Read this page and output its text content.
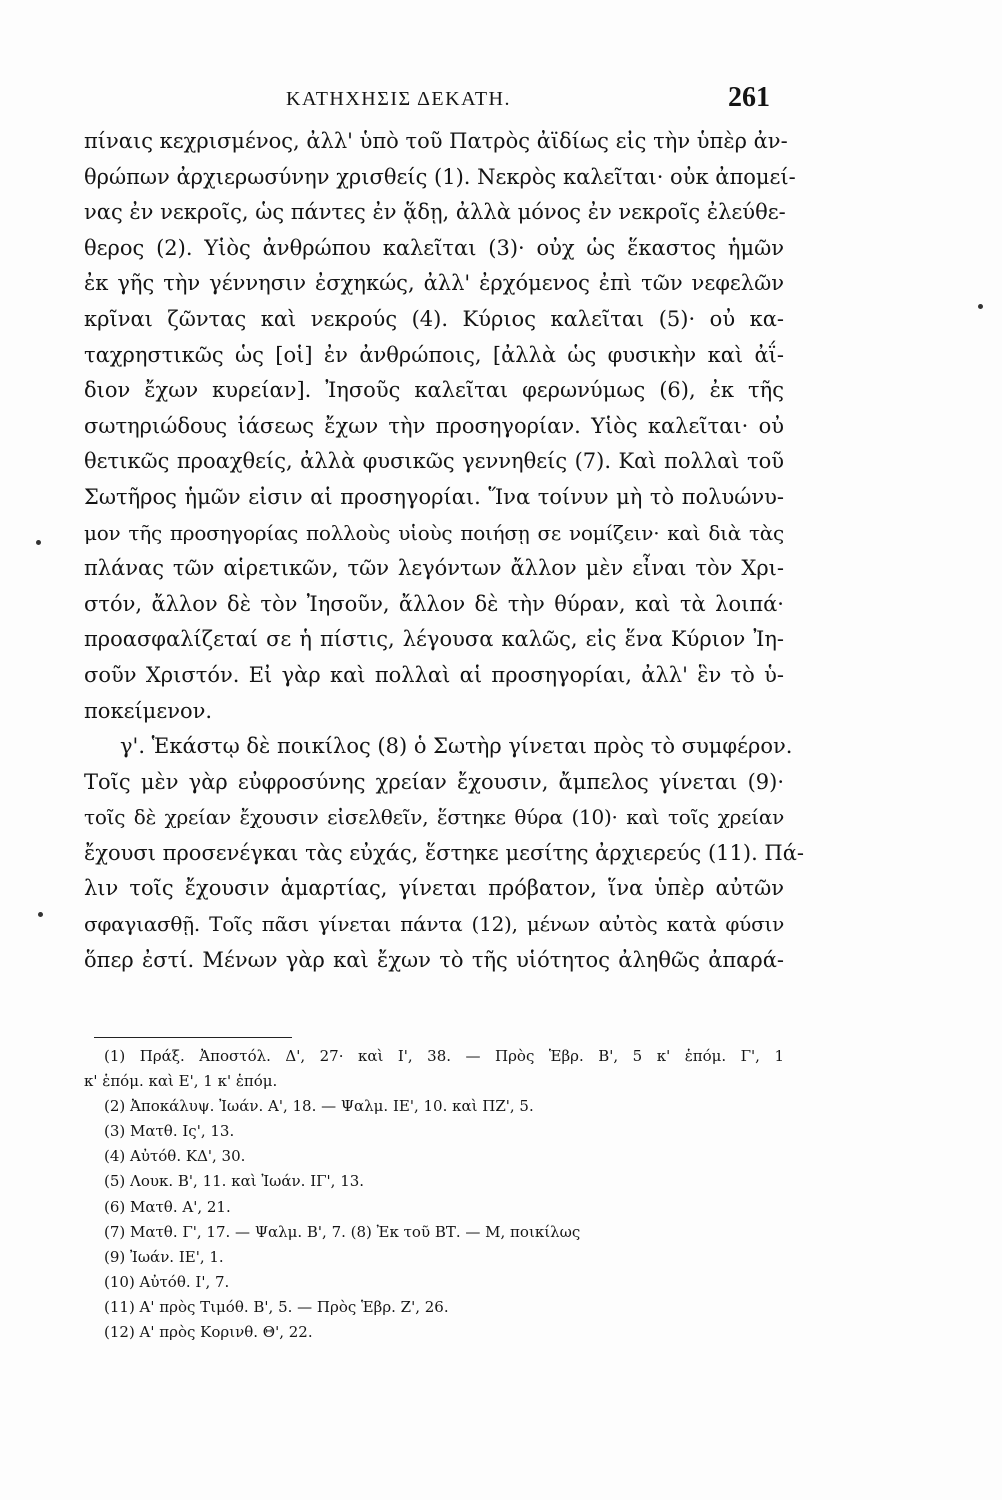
ΚΑΤΗΧΗΣΙΣ ΔΕΚΑΤΗ.	261
πίναις κεχρισμένος, ἀλλ' ὑπὸ τοῦ Πατρὸς ἀϊδίως εἰς τὴν ὑπὲρ ἀν-
θρώπων ἀρχιερωσύνην χρισθείς (1). Νεκρὸς καλεῖται· οὐκ ἀπομεί-
νας ἐν νεκροῖς, ὡς πάντες ἐν ᾅδῃ, ἀλλὰ μόνος ἐν νεκροῖς ἐλεύθε-
θερος (2). Υἱὸς ἀνθρώπου καλεῖται (3)· οὐχ ὡς ἕκαστος ἡμῶν
ἐκ γῆς τὴν γέννησιν ἐσχηκώς, ἀλλ' ἐρχόμενος ἐπὶ τῶν νεφελῶν
κρῖναι ζῶντας καὶ νεκρούς (4). Κύριος καλεῖται (5)· οὐ κα-
ταχρηστικῶς ὡς [οἱ] ἐν ἀνθρώποις, [ἀλλὰ ὡς φυσικὴν καὶ ἀΐ-
διον ἔχων κυρείαν]. Ἰησοῦς καλεῖται φερωνύμως (6), ἐκ τῆς
σωτηριώδους ἰάσεως ἔχων τὴν προσηγορίαν. Υἱὸς καλεῖται· οὐ
θετικῶς προαχθείς, ἀλλὰ φυσικῶς γεννηθείς (7). Καὶ πολλαὶ τοῦ
Σωτῆρος ἡμῶν εἰσιν αἱ προσηγορίαι. Ἵνα τοίνυν μὴ τὸ πολυώνυ-
μον τῆς προσηγορίας πολλοὺς υἱοὺς ποιήσῃ σε νομίζειν· καὶ διὰ τὰς
πλάνας τῶν αἱρετικῶν, τῶν λεγόντων ἄλλον μὲν εἶναι τὸν Χρι-
στόν, ἄλλον δὲ τὸν Ἰησοῦν, ἄλλον δὲ τὴν θύραν, καὶ τὰ λοιπά·
προασφαλίζεταί σε ἡ πίστις, λέγουσα καλῶς, εἰς ἕνα Κύριον Ἰη-
σοῦν Χριστόν. Εἰ γὰρ καὶ πολλαὶ αἱ προσηγορίαι, ἀλλ' ἓν τὸ ὑ-
ποκείμενον.
γ'. Ἑκάστῳ δὲ ποικίλος (8) ὁ Σωτὴρ γίνεται πρὸς τὸ συμφέρον.
Τοῖς μὲν γὰρ εὐφροσύνης χρείαν ἔχουσιν, ἄμπελος γίνεται (9)·
τοῖς δὲ χρείαν ἔχουσιν εἰσελθεῖν, ἕστηκε θύρα (10)· καὶ τοῖς χρείαν
ἔχουσι προσενέγκαι τὰς εὐχάς, ἕστηκε μεσίτης ἀρχιερεύς (11). Πά-
λιν τοῖς ἔχουσιν ἁμαρτίας, γίνεται πρόβατον, ἵνα ὑπὲρ αὐτῶν
σφαγιασθῇ. Τοῖς πᾶσι γίνεται πάντα (12), μένων αὐτὸς κατὰ φύσιν
ὅπερ ἐστί. Μένων γὰρ καὶ ἔχων τὸ τῆς υἱότητος ἀληθῶς ἀπαρά-
(1) Πράξ. Ἀποστόλ. Δ', 27· καὶ Ι', 38. — Πρὸς Ἑβρ. Β', 5 κ' ἑπόμ. Γ', 1
κ' ἑπόμ. καὶ Ε', 1 κ' ἑπόμ.
(2) Ἀποκάλυψ. Ἰωάν. Α', 18. — Ψαλμ. ΙΕ', 10. καὶ ΠΖ', 5.
(3) Ματθ. Ις', 13.
(4) Αὐτόθ. ΚΔ', 30.
(5) Λουκ. Β', 11. καὶ Ἰωάν. ΙΓ', 13.
(6) Ματθ. Α', 21.
(7) Ματθ. Γ', 17. — Ψαλμ. Β', 7. (8) Ἐκ τοῦ ΒΤ. — Μ, ποικίλως
(9) Ἰωάν. ΙΕ', 1.
(10) Αὐτόθ. Ι', 7.
(11) Α' πρὸς Τιμόθ. Β', 5. — Πρὸς Ἑβρ. Ζ', 26.
(12) Α' πρὸς Κορινθ. Θ', 22.
